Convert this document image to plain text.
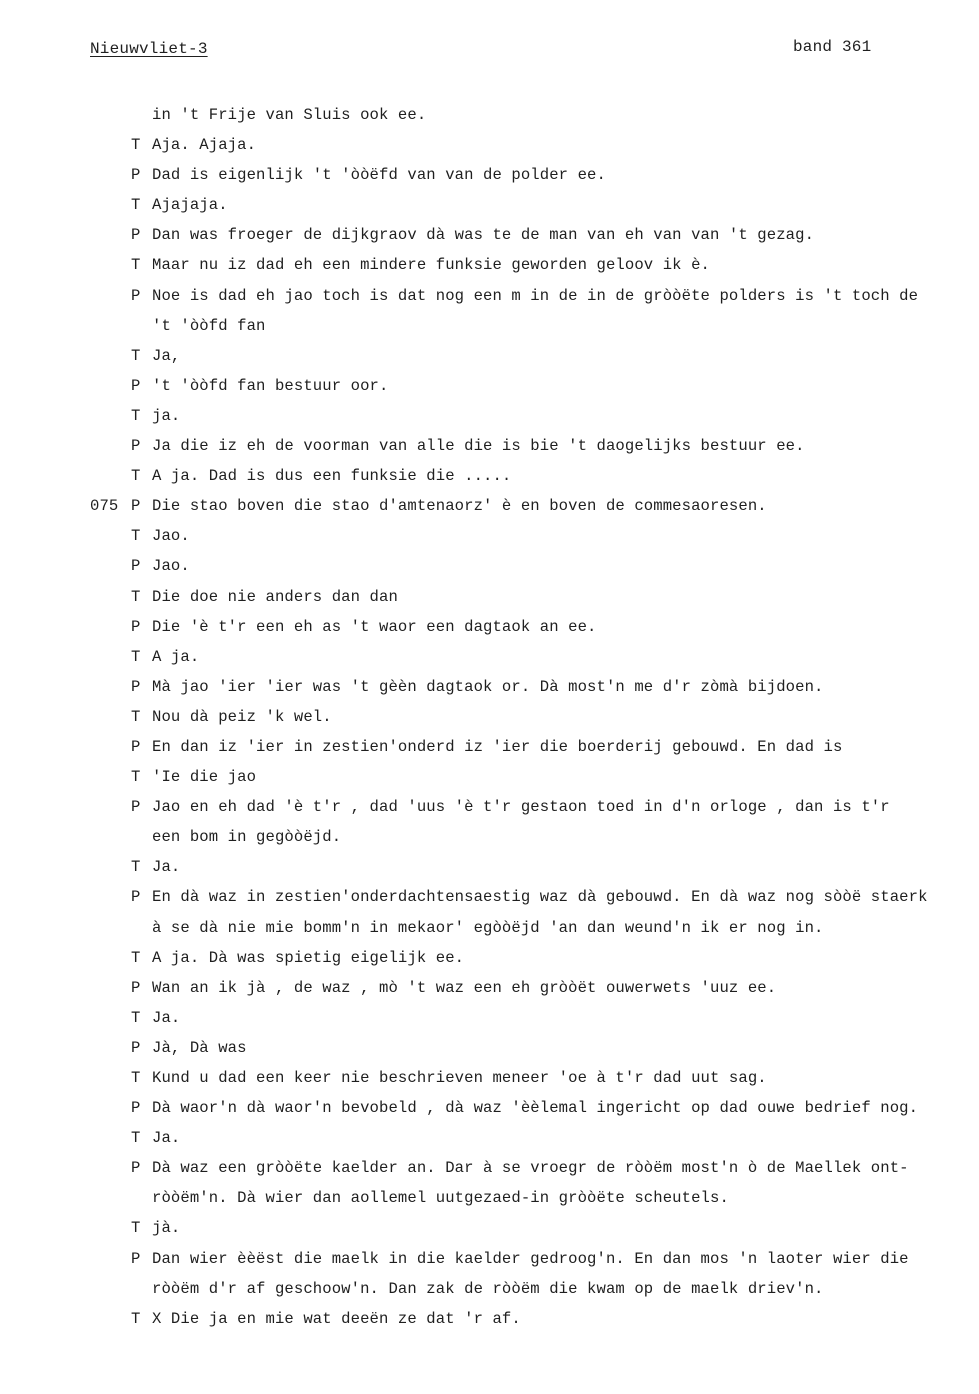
Nieuwvliet-3	band 361
in 't Frije van Sluis ook ee.
T Aja. Ajaja.
P Dad is eigenlijk 't 'òòëfd van van de polder ee.
T Ajajaja.
P Dan was froeger de dijkgraov dà was te de man van eh van van 't gezag.
T Maar nu iz dad eh een mindere funksie geworden geloov ik è.
P Noe is dad eh jao toch is dat nog een m in de in de gròòëte polders is 't toch de
't 'òòfd fan
T Ja,
P 't 'òòfd fan bestuur oor.
T ja.
P Ja die iz eh de voorman van alle die is bie 't daogelijks bestuur ee.
T A ja. Dad is dus een funksie die .....
075 P Die stao boven die stao d'amtenaorz' è en boven de commesaoresen.
T Jao.
P Jao.
T Die doe nie anders dan dan
P Die 'è t'r een eh as 't waor een dagtaok an ee.
T A ja.
P Mà jao 'ier 'ier was 't gèèn dagtaok or. Dà most'n me d'r zòmà bijdoen.
T Nou dà peiz 'k wel.
P En dan iz 'ier in zestien'onderd iz 'ier die boerderij gebouwd. En dad is
T 'Ie die jao
P Jao en eh dad 'è t'r , dad 'uus 'è t'r gestaon toed in d'n orloge , dan is t'r
een bom in gegòòëjd.
T Ja.
P En dà waz in zestien'onderdachtensaestig waz dà gebouwd. En dà waz nog sòòë staerk
à se dà nie mie bomm'n in mekaor' egòòëjd 'an dan weund'n ik er nog in.
T A ja. Dà was spietig eigelijk ee.
P Wan an ik jà , de waz , mò 't waz een eh gròòët ouwerwets 'uuz ee.
T Ja.
P Jà, Dà was
T Kund u dad een keer nie beschrieven meneer 'oe à t'r dad uut sag.
P Dà waor'n dà waor'n bevobeld , dà waz 'èèlemal ingericht op dad ouwe bedrief nog.
T Ja.
P Dà waz een gròòëte kaelder an. Dar à se vroegr de ròòëm most'n ò de Maellek ont-
ròòëm'n. Dà wier dan aollemel uutgezaed-in gròòëte scheutels.
T jà.
P Dan wier èèëst die maelk in die kaelder gedroog'n. En dan mos 'n laoter wier die
ròòëm d'r af geschoow'n. Dan zak de ròòëm die kwam op de maelk driev'n.
T X Die ja en mie wat deeën ze dat 'r af.
